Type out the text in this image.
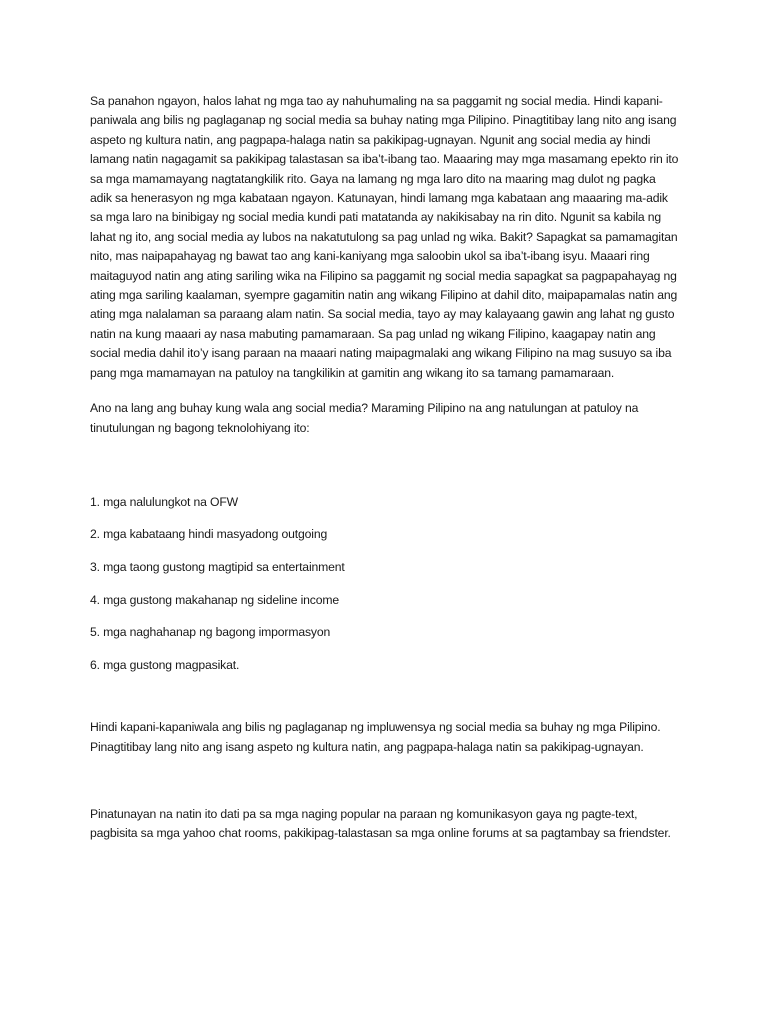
Sa panahon ngayon, halos lahat ng mga tao ay nahuhumaling na sa paggamit ng social media. Hindi kapani-paniwala ang bilis ng paglaganap ng social media sa buhay nating mga Pilipino. Pinagtitibay lang nito ang isang aspeto ng kultura natin, ang pagpapa-halaga natin sa pakikipag-ugnayan. Ngunit ang social media ay hindi lamang natin nagagamit sa pakikipag talastasan sa iba’t-ibang tao. Maaaring may mga masamang epekto rin ito sa mga mamamayang nagtatangkilik rito. Gaya na lamang ng mga laro dito na maaring mag dulot ng pagka adik sa henerasyon ng mga kabataan ngayon. Katunayan, hindi lamang mga kabataan ang maaaring ma-adik sa mga laro na binibigay ng social media kundi pati matatanda ay nakikisabay na rin dito. Ngunit sa kabila ng lahat ng ito, ang social media ay lubos na nakatutulong sa pag unlad ng wika. Bakit? Sapagkat sa pamamagitan nito, mas naipapahayag ng bawat tao ang kani-kaniyang mga saloobin ukol sa iba’t-ibang isyu. Maaari ring maitaguyod natin ang ating sariling wika na Filipino sa paggamit ng social media sapagkat sa pagpapahayag ng ating mga sariling kaalaman, syempre gagamitin natin ang wikang Filipino at dahil dito, maipapamalas natin ang ating mga nalalaman sa paraang alam natin. Sa social media, tayo ay may kalayaang gawin ang lahat ng gusto natin na kung maaari ay nasa mabuting pamamaraan. Sa pag unlad ng wikang Filipino, kaagapay natin ang social media dahil ito’y isang paraan na maaari nating maipagmalaki ang wikang Filipino na mag susuyo sa iba pang mga mamamayan na patuloy na tangkilikin at gamitin ang wikang ito sa tamang pamamaraan.

Ano na lang ang buhay kung wala ang social media? Maraming Pilipino na ang natulungan at patuloy na tinutulungan ng bagong teknolohiyang ito:

1. mga nalulungkot na OFW
2. mga kabataang hindi masyadong outgoing
3. mga taong gustong magtipid sa entertainment
4. mga gustong makahanap ng sideline income
5. mga naghahanap ng bagong impormasyon
6. mga gustong magpasikat.

Hindi kapani-kapaniwala ang bilis ng paglaganap ng impluwensya ng social media sa buhay ng mga Pilipino. Pinagtitibay lang nito ang isang aspeto ng kultura natin, ang pagpapa-halaga natin sa pakikipag-ugnayan.

Pinatunayan na natin ito dati pa sa mga naging popular na paraan ng komunikasyon gaya ng pagte-text, pagbisita sa mga yahoo chat rooms, pakikipag-talastasan sa mga online forums at sa pagtambay sa friendster.
